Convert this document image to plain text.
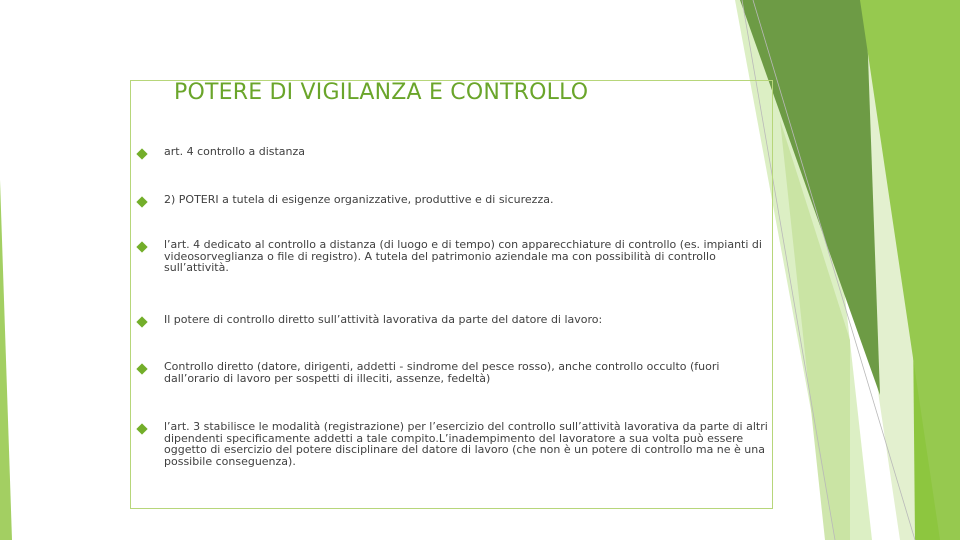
POTERE DI VIGILANZA E CONTROLLO
art. 4 controllo a distanza
2) POTERI a tutela di esigenze organizzative, produttive e di sicurezza.
l’art. 4 dedicato al controllo a distanza (di luogo e di tempo) con apparecchiature di controllo (es. impianti di videosorveglianza o file di registro). A tutela del patrimonio aziendale ma con possibilità di controllo sull’attività.
Il potere di controllo diretto sull’attività lavorativa da parte del datore di lavoro:
Controllo diretto (datore, dirigenti, addetti - sindrome del pesce rosso), anche controllo occulto (fuori dall’orario di lavoro per sospetti di illeciti, assenze, fedeltà)
l’art. 3 stabilisce le modalità (registrazione) per l’esercizio del controllo sull’attività lavorativa da parte di altri dipendenti specificamente addetti a tale compito.L’inadempimento del lavoratore a sua volta può essere oggetto di esercizio del potere disciplinare del datore di lavoro (che non è un potere di controllo ma ne è una possibile conseguenza).
